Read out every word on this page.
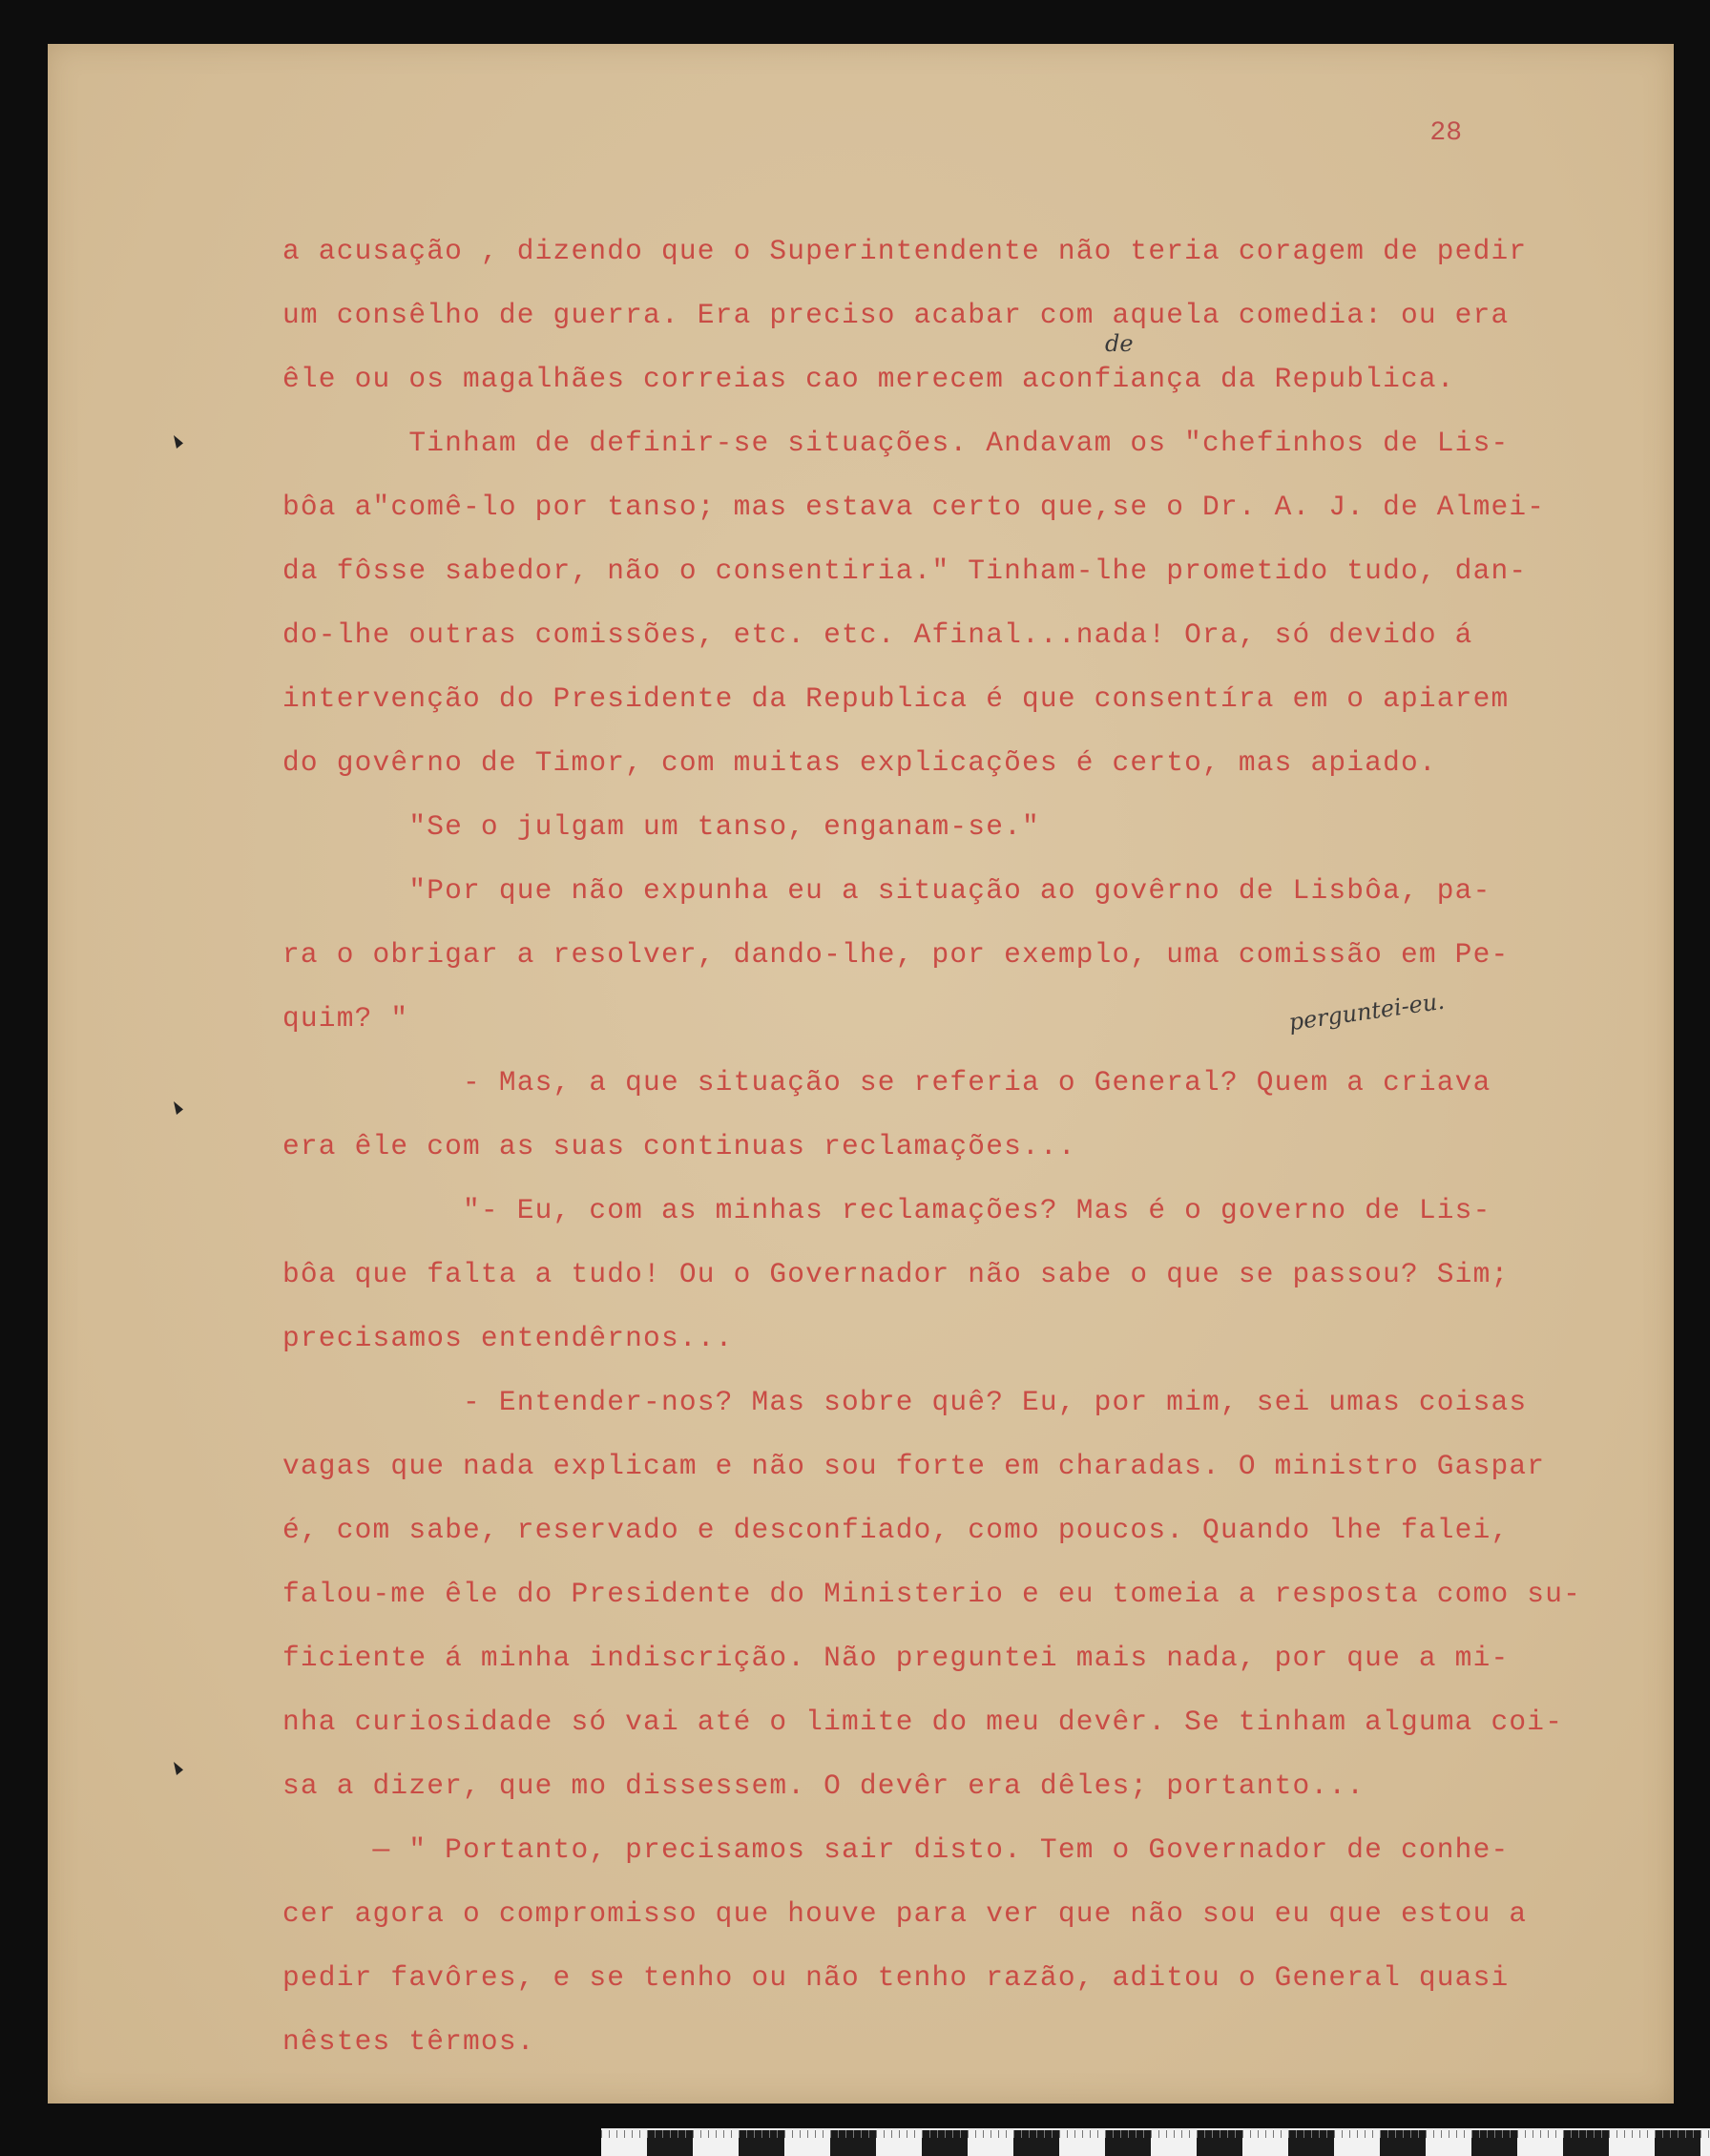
28
a acusação , dizendo que o Superintendente não teria coragem de pedir
um consêlho de guerra. Era preciso acabar com aquela comedia: ou era
êle ou os magalhães correias cao merecem aconfiança da Republica.
Tinham de definir-se situações. Andavam os "chefinhos de Lis-
bôa a"comê-lo por tanso; mas estava certo que,se o Dr. A. J. de Almei-
da fôsse sabedor, não o consentiria." Tinham-lhe prometido tudo, dan-
do-lhe outras comissões, etc. etc. Afinal...nada! Ora, só devido á
intervenção do Presidente da Republica é que consentíra em o apiarem
do govêrno de Timor, com muitas explicações é certo, mas apiado.
"Se o julgam um tanso, enganam-se."
"Por que não expunha eu a situação ao govêrno de Lisbôa, pa-
ra o obrigar a resolver, dando-lhe, por exemplo, uma comissão em Pe-
quim? "
- Mas, a que situação se referia o General? Quem a criava
era êle com as suas continuas reclamações...
"- Eu, com as minhas reclamações? Mas é o governo de Lis-
bôa que falta a tudo! Ou o Governador não sabe o que se passou? Sim;
precisamos entendêrnos...
- Entender-nos? Mas sobre quê? Eu, por mim, sei umas coisas
vagas que nada explicam e não sou forte em charadas. O ministro Gaspar
é, com sabe, reservado e desconfiado, como poucos. Quando lhe falei,
falou-me êle do Presidente do Ministerio e eu tomeia a resposta como su-
ficiente á minha indiscrição. Não preguntei mais nada, por que a mi-
nha curiosidade só vai até o limite do meu devêr. Se tinham alguma coi-
sa a dizer, que mo dissessem. O devêr era dêles; portanto...
— " Portanto, precisamos sair disto. Tem o Governador de conhe-
cer agora o compromisso que houve para ver que não sou eu que estou a
pedir favôres, e se tenho ou não tenho razão, aditou o General quasi
nêstes têrmos.
de
perguntei-eu.
